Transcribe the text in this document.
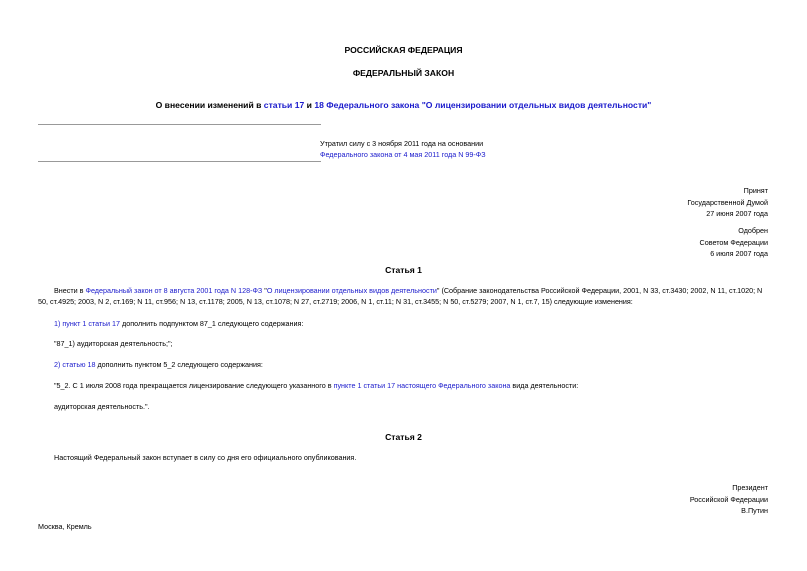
РОССИЙСКАЯ ФЕДЕРАЦИЯ
ФЕДЕРАЛЬНЫЙ ЗАКОН
О внесении изменений в статьи 17 и 18 Федерального закона "О лицензировании отдельных видов деятельности"
Утратил силу с 3 ноября 2011 года на основании
Федерального закона от 4 мая 2011 года N 99-ФЗ
Принят
Государственной Думой
27 июня 2007 года
Одобрен
Советом Федерации
6 июля 2007 года
Статья 1
Внести в Федеральный закон от 8 августа 2001 года N 128-ФЗ "О лицензировании отдельных видов деятельности" (Собрание законодательства Российской Федерации, 2001, N 33, ст.3430; 2002, N 11, ст.1020; N 50, ст.4925; 2003, N 2, ст.169; N 11, ст.956; N 13, ст.1178; 2005, N 13, ст.1078; N 27, ст.2719; 2006, N 1, ст.11; N 31, ст.3455; N 50, ст.5279; 2007, N 1, ст.7, 15) следующие изменения:
1) пункт 1 статьи 17 дополнить подпунктом 87_1 следующего содержания:
"87_1) аудиторская деятельность;";
2) статью 18 дополнить пунктом 5_2 следующего содержания:
"5_2. С 1 июля 2008 года прекращается лицензирование следующего указанного в пункте 1 статьи 17 настоящего Федерального закона вида деятельности:
аудиторская деятельность.".
Статья 2
Настоящий Федеральный закон вступает в силу со дня его официального опубликования.
Президент
Российской Федерации
В.Путин
Москва, Кремль
